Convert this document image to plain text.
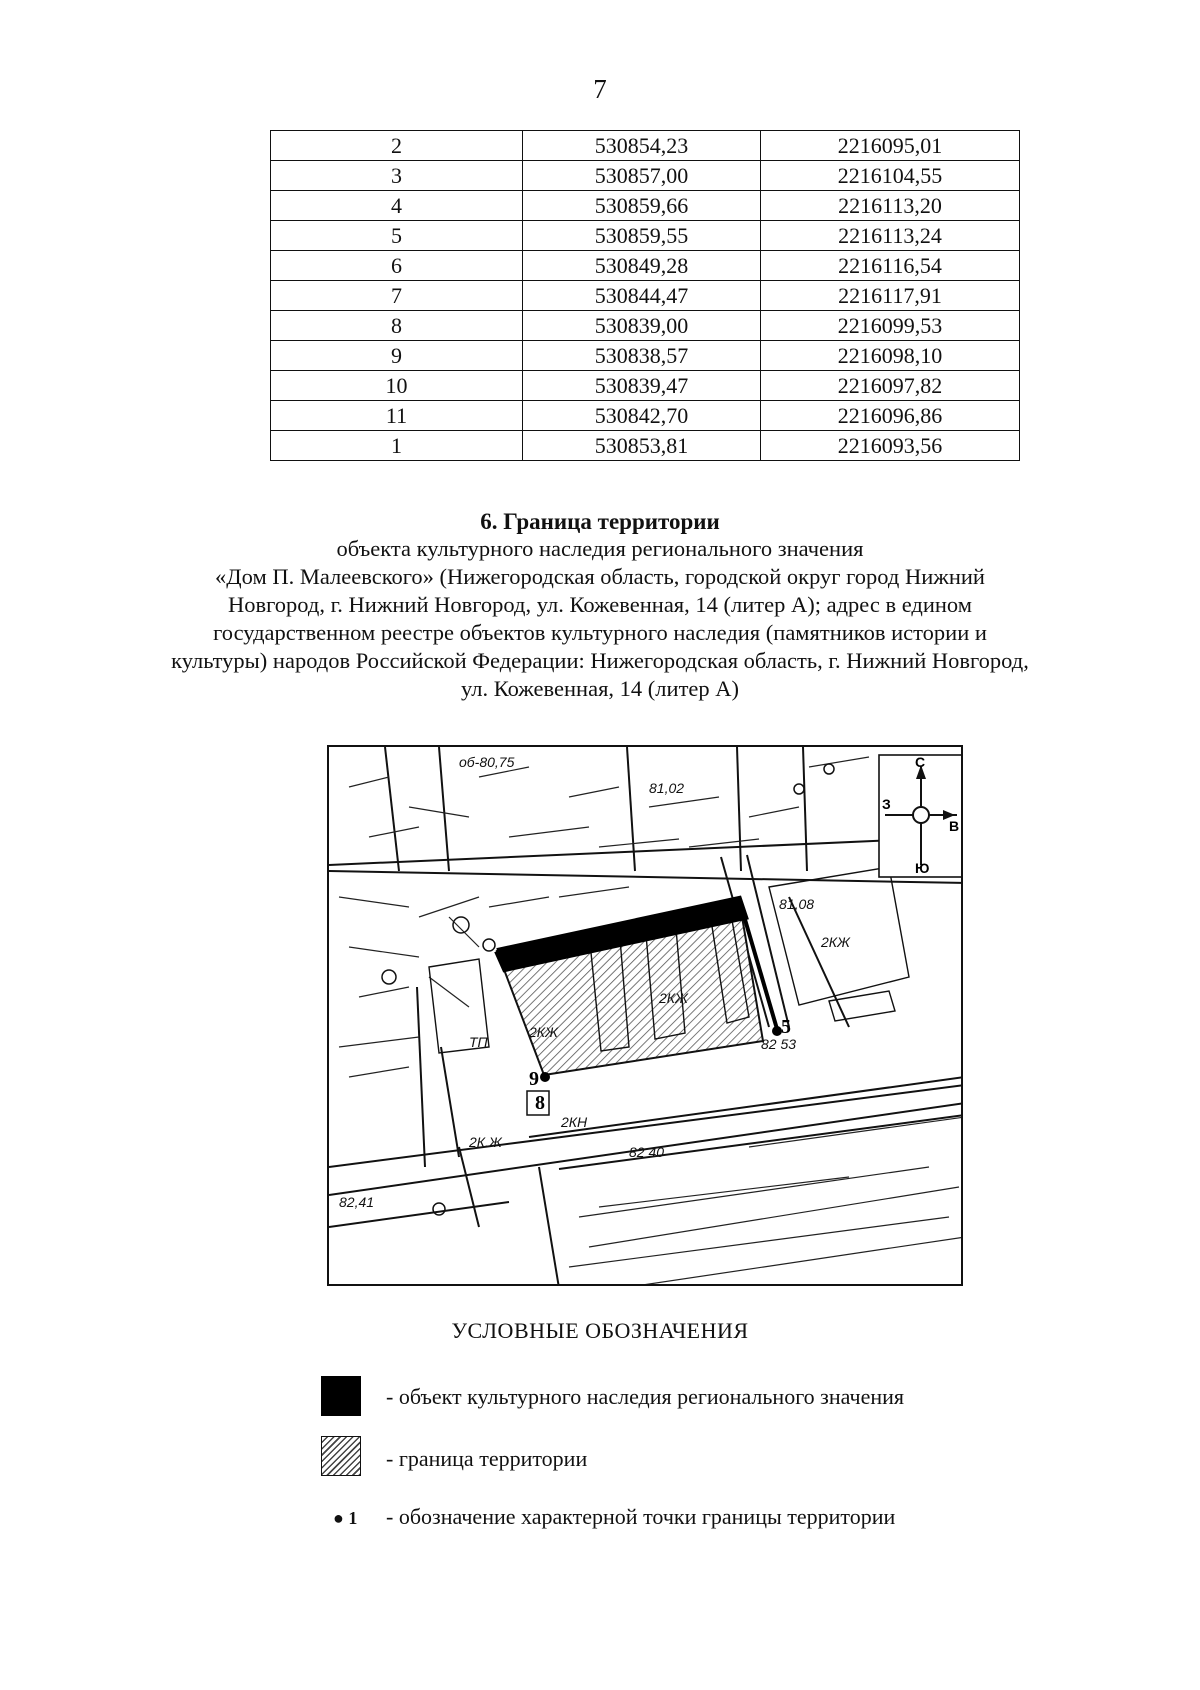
7
2	530854,23	2216095,01
3	530857,00	2216104,55
4	530859,66	2216113,20
5	530859,55	2216113,24
6	530849,28	2216116,54
7	530844,47	2216117,91
8	530839,00	2216099,53
9	530838,57	2216098,10
10	530839,47	2216097,82
11	530842,70	2216096,86
1	530853,81	2216093,56
6. Граница территории
объекта культурного наследия регионального значения
«Дом П. Малеевского» (Нижегородская область, городской округ город Нижний
Новгород, г. Нижний Новгород, ул. Кожевенная, 14 (литер А); адрес в едином
государственном реестре объектов культурного наследия (памятников истории и
культуры) народов Российской Федерации: Нижегородская область, г. Нижний Новгород,
ул. Кожевенная, 14 (литер А)
9
8
5
2КЖ
2КЖ
2КЖ
2КН
2К.Ж
81,08
82 40
82 53
ТП
об-80,75
81,02
82,41
С
Ю
З
В
УСЛОВНЫЕ ОБОЗНАЧЕНИЯ
- объект культурного наследия регионального значения
- граница территории
● 1 - обозначение характерной точки границы территории
